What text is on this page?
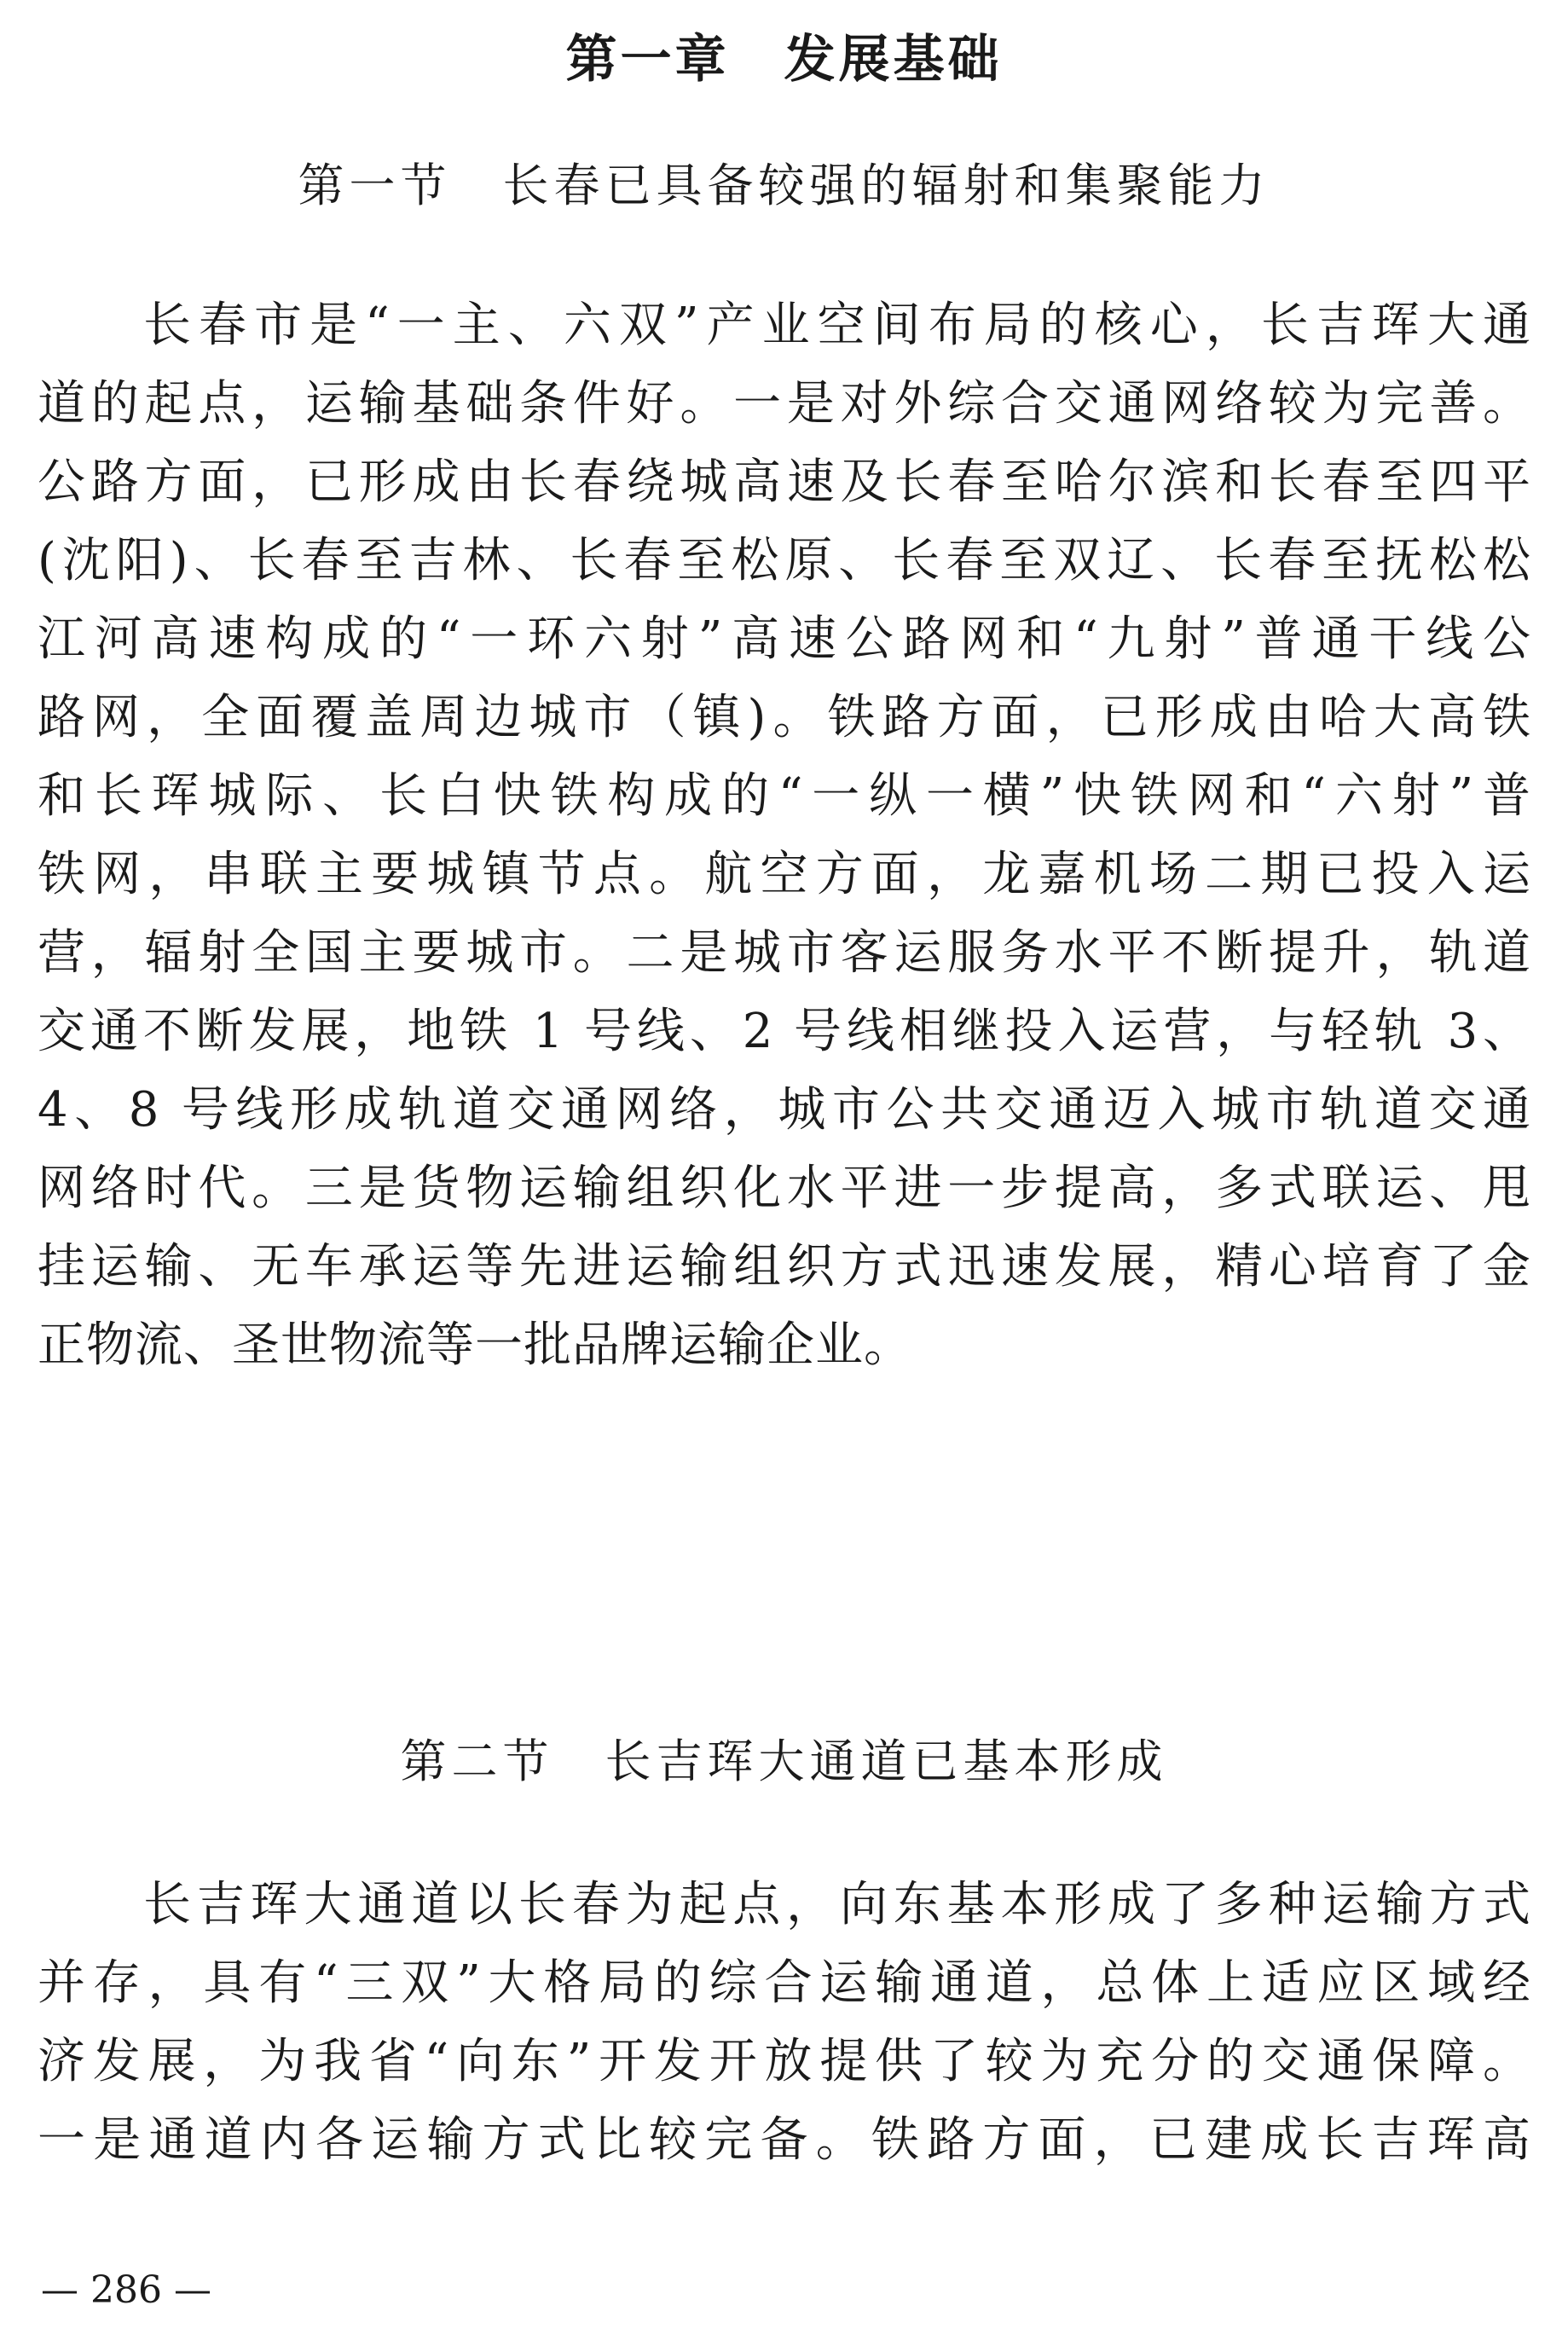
第一章　发展基础
第一节　长春已具备较强的辐射和集聚能力
长春市是“一主、六双”产业空间布局的核心，长吉珲大通
道的起点，运输基础条件好。一是对外综合交通网络较为完善。
公路方面，已形成由长春绕城高速及长春至哈尔滨和长春至四平
(沈阳)、长春至吉林、长春至松原、长春至双辽、长春至抚松松
江河高速构成的“一环六射”高速公路网和“九射”普通干线公
路网，全面覆盖周边城市（镇)。铁路方面，已形成由哈大高铁
和长珲城际、长白快铁构成的“一纵一横”快铁网和“六射”普
铁网，串联主要城镇节点。航空方面，龙嘉机场二期已投入运
营，辐射全国主要城市。二是城市客运服务水平不断提升，轨道
交通不断发展，地铁 1 号线、2 号线相继投入运营，与轻轨 3、
4、8 号线形成轨道交通网络，城市公共交通迈入城市轨道交通
网络时代。三是货物运输组织化水平进一步提高，多式联运、甩
挂运输、无车承运等先进运输组织方式迅速发展，精心培育了金
正物流、圣世物流等一批品牌运输企业。
第二节　长吉珲大通道已基本形成
长吉珲大通道以长春为起点，向东基本形成了多种运输方式
并存，具有“三双”大格局的综合运输通道，总体上适应区域经
济发展，为我省“向东”开发开放提供了较为充分的交通保障。
一是通道内各运输方式比较完备。铁路方面，已建成长吉珲高
— 286 —
